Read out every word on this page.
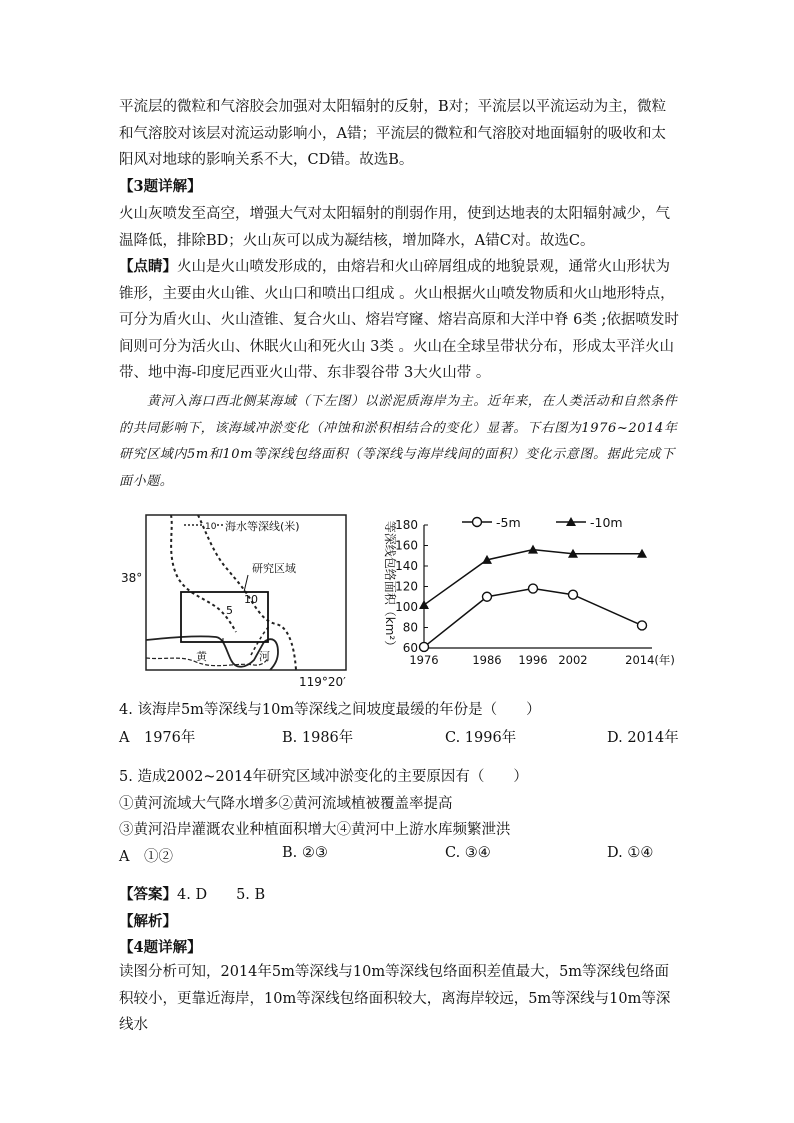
平流层的微粒和气溶胶会加强对太阳辐射的反射，B对；平流层以平流运动为主，微粒和气溶胶对该层对流运动影响小，A错；平流层的微粒和气溶胶对地面辐射的吸收和太阳风对地球的影响关系不大，CD错。故选B。

【3题详解】

火山灰喷发至高空，增强大气对太阳辐射的削弱作用，使到达地表的太阳辐射减少，气温降低，排除BD；火山灰可以成为凝结核，增加降水，A错C对。故选C。

【点睛】火山是火山喷发形成的，由熔岩和火山碎屑组成的地貌景观，通常火山形状为锥形，主要由火山锥、火山口和喷出口组成 。火山根据火山喷发物质和火山地形特点，可分为盾火山、火山渣锥、复合火山、熔岩穹窿、熔岩高原和大洋中脊 6类 ;依据喷发时间则可分为活火山、休眠火山和死火山 3类 。火山在全球呈带状分布，形成太平洋火山带、地中海-印度尼西亚火山带、东非裂谷带 3大火山带 。

黄河入海口西北侧某海域（下左图）以淤泥质海岸为主。近年来，在人类活动和自然条件的共同影响下，该海域冲淤变化（冲蚀和淤积相结合的变化）显著。下右图为1976~2014年研究区域内5m和10m等深线包络面积（等深线与海岸线间的面积）变化示意图。据此完成下面小题。

10 海水等深线(米)
研究区域
10
5
黄	河
38°
119°20′
60
80
100
120
140
160
180
1976	1986 1996 2002	2014(年)
等深线包络面积（km²）	-5m	-10m
4. 该海岸5m等深线与10m等深线之间坡度最缓的年份是（　　）
A　1976年	B. 1986年	C. 1996年	D. 2014年
5. 造成2002~2014年研究区域冲淤变化的主要原因有（　　）
①黄河流域大气降水增多②黄河流域植被覆盖率提高
③黄河沿岸灌溉农业种植面积增大④黄河中上游水库频繁泄洪
A　①②	B. ②③	C. ③④	D. ①④
【答案】4. D　　5. B
【解析】
【4题详解】

读图分析可知，2014年5m等深线与10m等深线包络面积差值最大，5m等深线包络面积较小，更靠近海岸，10m等深线包络面积较大，离海岸较远，5m等深线与10m等深线水
